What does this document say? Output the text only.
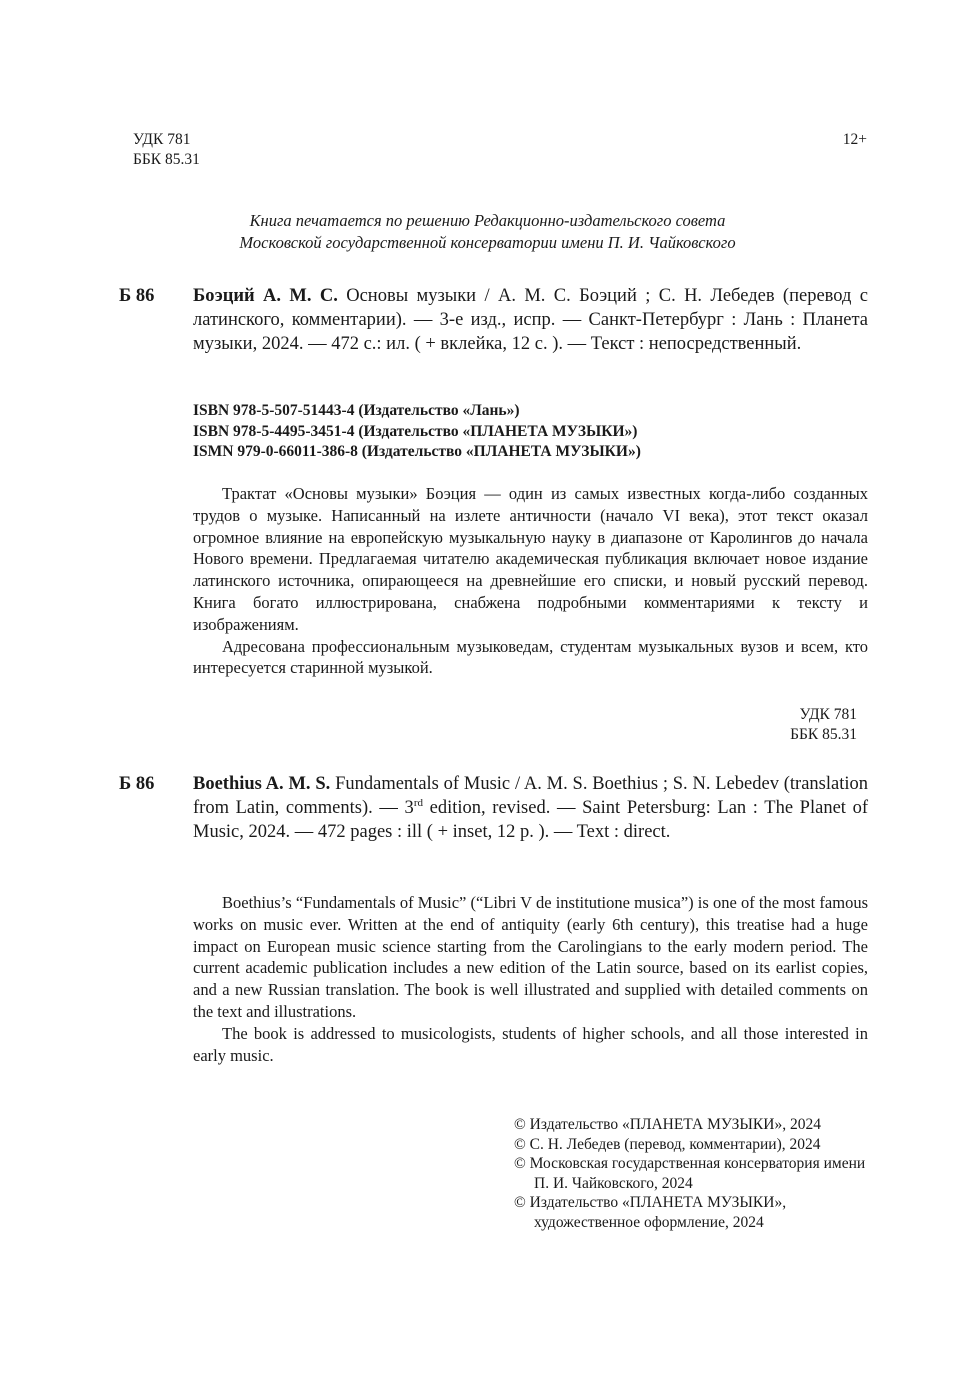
УДК 781
ББК 85.31
12+
Книга печатается по решению Редакционно-издательского совета
Московской государственной консерватории имени П. И. Чайковского
Б 86 Боэций А. М. С. Основы музыки / А. М. С. Боэций ; С. Н. Лебедев (перевод с латинского, комментарии). — 3-е изд., испр. — Санкт-Петербург : Лань : Планета музыки, 2024. — 472 с.: ил. ( + вклейка, 12 с. ). — Текст : непосредственный.
ISBN 978-5-507-51443-4 (Издательство «Лань»)
ISBN 978-5-4495-3451-4 (Издательство «ПЛАНЕТА МУЗЫКИ»)
ISMN 979-0-66011-386-8 (Издательство «ПЛАНЕТА МУЗЫКИ»)

Трактат «Основы музыки» Боэция — один из самых известных когда-либо созданных трудов о музыке. Написанный на излете античности (начало VI века), этот текст оказал огромное влияние на европейскую музыкальную науку в диапазоне от Каролингов до начала Нового времени. Предлагаемая читателю академическая публикация включает новое издание латинского источника, опирающееся на древнейшие его списки, и новый русский перевод. Книга богато иллюстрирована, снабжена подробными комментариями к тексту и изображениям.

Адресована профессиональным музыковедам, студентам музыкальных вузов и всем, кто интересуется старинной музыкой.

УДК 781
ББК 85.31
Б 86 Boethius A. M. S. Fundamentals of Music / A. M. S. Boethius ; S. N. Lebedev (translation from Latin, comments). — 3rd edition, revised. — Saint Petersburg: Lan : The Planet of Music, 2024. — 472 pages : ill ( + inset, 12 p. ). — Text : direct.

Boethius’s “Fundamentals of Music” (“Libri V de institutione musica”) is one of the most famous works on music ever. Written at the end of antiquity (early 6th century), this treatise had a huge impact on European music science starting from the Carolingians to the early modern period. The current academic publication includes a new edition of the Latin source, based on its earlist copies, and a new Russian translation. The book is well illustrated and supplied with detailed comments on the text and illustrations.

The book is addressed to musicologists, students of higher schools, and all those interested in early music.

© Издательство «ПЛАНЕТА МУЗЫКИ», 2024
© С. Н. Лебедев (перевод, комментарии), 2024
© Московская государственная консерватория имени П. И. Чайковского, 2024
© Издательство «ПЛАНЕТА МУЗЫКИ», художественное оформление, 2024
